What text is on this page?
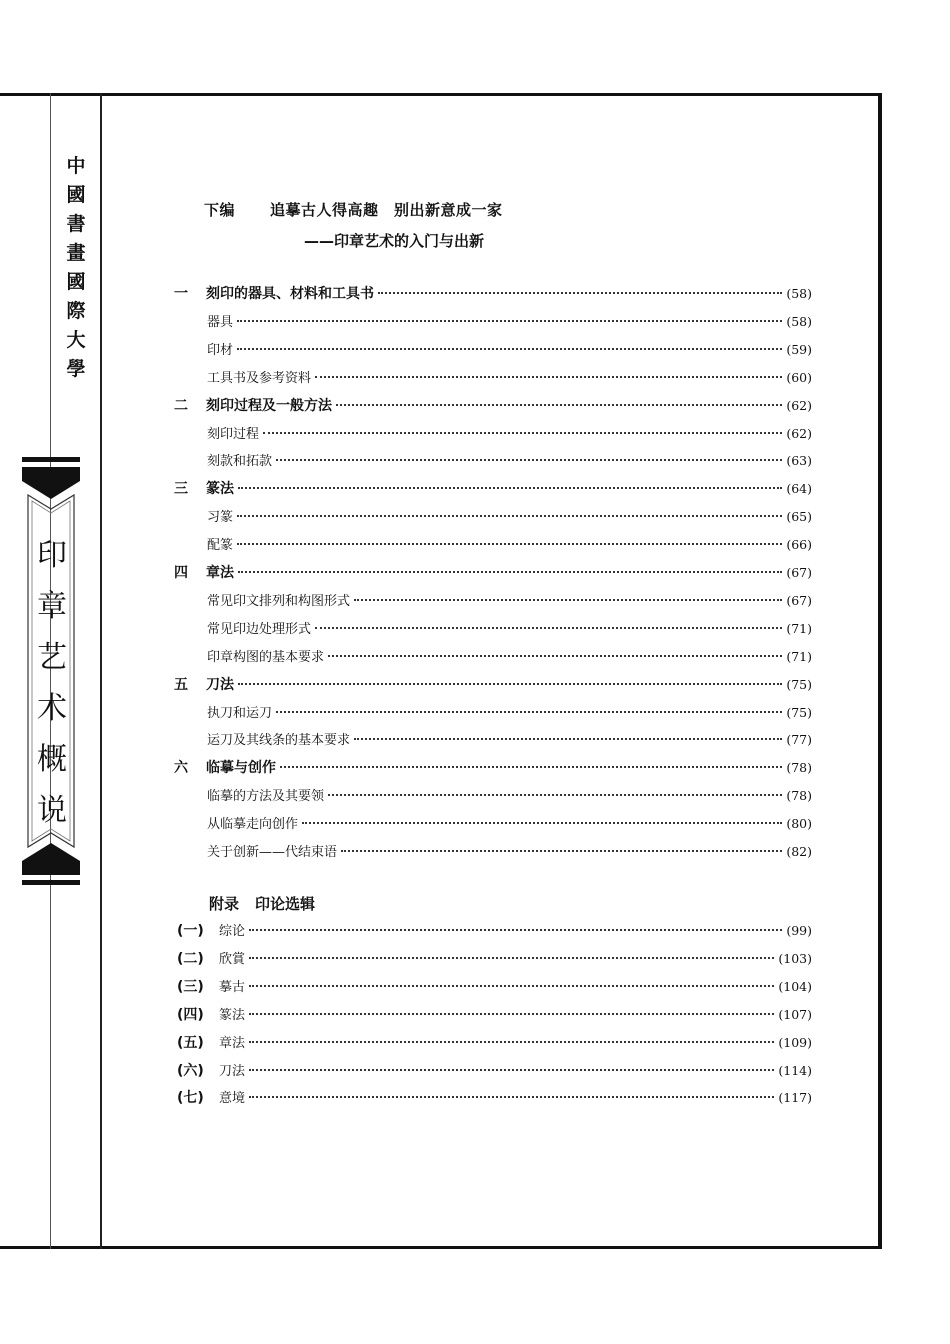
中
國
書
畫
國
際
大
學
印
章
艺
术
概
说
下编 追摹古人得高趣　别出新意成一家
——印章艺术的入门与出新
一	刻印的器具、材料和工具书	(58)
器具	(58)
印材	(59)
工具书及参考资料	(60)
二	刻印过程及一般方法	(62)
刻印过程	(62)
刻款和拓款	(63)
三	篆法	(64)
习篆	(65)
配篆	(66)
四	章法	(67)
常见印文排列和构图形式	(67)
常见印边处理形式	(71)
印章构图的基本要求	(71)
五	刀法	(75)
执刀和运刀	(75)
运刀及其线条的基本要求	(77)
六	临摹与创作	(78)
临摹的方法及其要领	(78)
从临摹走向创作	(80)
关于创新——代结束语	(82)
(一)	综论	(99)
(二)	欣賞	(103)
(三)	摹古	(104)
(四)	篆法	(107)
(五)	章法	(109)
(六)	刀法	(114)
(七)	意境	(117)
附录 印论选辑
